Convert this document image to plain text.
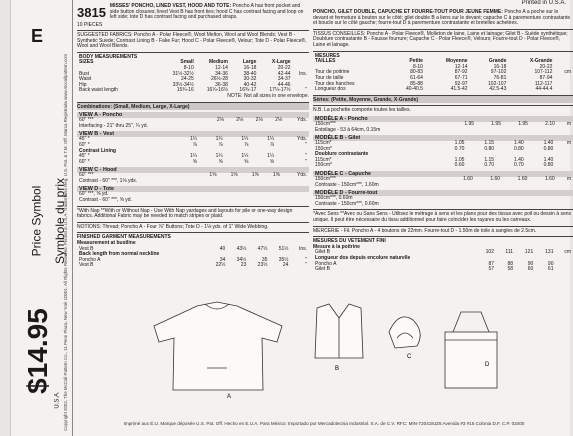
E
Copyright 2002, The McCall Pattern Co., 11 Penn Plaza, New York 10001. All Rights Reserved. Printed in U.S.A. Trademarks Reg. U.S. Pat. & T.M. Off. Marca Registrada www.mccallpattern.com
$14.95
U.S.A.
Price Symbol Symbole du prix
Printed in U.S.A.
3815
10 PIECES
MISSES' PONCHO, LINED VEST, HOOD AND TOTE: Poncho A has front pocket and side button closures; lined Vest B has front ties; hood C has contrast facing and loop on left side; tote D has contrast facing and purchased straps.
SUGGESTED FABRICS: Poncho A - Polar Fleece®, Wool Melton, Wool and Wool Blends; Vest B - Synthetic Suede; Contrast Lining B - Fake Fur; Hood C - Polar Fleece®, Velour; Tote D - Polar Fleece®, Wool and Wool Blends.
BODY MEASUREMENTS					
SIZES	Small	Medium	Large	X-Large	
	8-10	12-14	16-18	20-22	
Bust	31½-32½	34-36	38-40	42-44	Ins.
Waist	24-25	26½-28	30-32	34-37	
Hip	33½-34½	36-38	40-42	44-46	
Back waist length	15¾-16	16¼-16½	16¾-17	17¼-17½	"
NOTE: Not all sizes in one envelope.
Combinations: (Small, Medium, Large, X-Large)
VIEW A - Poncho
60" ***	2⅛	2⅛	2⅛	2⅛	Yds.
Interfacing - 21" thru 25", ¼ yd.					
VIEW B - Vest
45" *	1¼	1¼	1¼	1¼	Yds.
60" *	⅞	⅞	⅞	⅞	"
Contrast Lining					
45" *	1¼	1¼	1¼	1¼	"
60" *	⅝	⅝	⅝	⅝	"
VIEW C - Hood
60" ***	1⅝	1⅝	1⅝	1⅝	Yds.
Contrast - 60" ***, 1⅛ yds.					
VIEW D - Tote
60" ***, ⅝ yd.					
Contrast - 60" ***, ⅝ yd.					
*With Nap **With or Without Nap - Use With Nap yardages and layouts for pile or one-way design fabrics. Additional Fabric may be needed to match stripes or plaid.
NOTIONS: Thread; Poncho A - Four ⅞" Buttons; Tote D - 1⅛ yds. of 1" Wide Webbing.
FINISHED GARMENT MEASUREMENTS
Measurement at bustline
Vest B	40	43½	47½	51½	Ins.
Back length from normal neckline					
Poncho A	34	34½	35	35½	"
Vest B	22½	23	23½	24	"
PONCHO, GILET DOUBLE, CAPUCHE ET FOURRE-TOUT POUR JEUNE FEMME: Poncho A a poche sur le devant et fermeture à bouton sur le côté; gilet double B a liens sur le devant; capuche C à parementure contrastante et boucle sur le côté gauche; fourre-tout D à parementure contrastante et bretelles achetées.
TISSUS CONSEILLÉS: Poncho A - Polar Fleece®, Molleton de laine, Laine et lainage; Gilet B - Suède synthétique; Doublure contrastante B - Fausse fourrure; Capuche C - Polar Fleece®, Velours; Fourre-tout D - Polar Fleece®, Laine et lainage.
MESURES					
TAILLES	Petite	Moyenne	Grande	X-Grande	
	8-10	12-14	16-18	20-22	
Tour de poitrine	80-83	87-92	97-102	107-112	cm
Tour de taille	61-64	67-71	76-81	87-94	
Tour des hanches	85-88	92-97	102-107	112-117	
Longueur dos	40-40.5	41.5-42	42.5-43	44-44.4	
Séries: (Petite, Moyenne, Grande, X-Grande)
N.B. La pochette comporte toutes les tailles.
MODÈLE A - Poncho
150cm***	1.95	1.95	1.95	2.10	m
Entoilage - 53 à 64cm, 0.15m					
MODÈLE B - Gilet
115cm*	1.05	1.15	1.40	1.40	m
150cm*	0.70	0.80	0.80	0.80	
Doublure contrastante					
115cm*	1.05	1.15	1.40	1.40	
150cm*	0.60	0.70	0.70	0.80	
MODÈLE C - Capuche
150cm***	1.60	1.60	1.60	1.60	m
Contraste - 150cm***, 1.60m					
MODÈLE D - Fourre-tout
150cm***, 0.60m					
Contraste - 150cm***, 0.60m					
*Avec Sens **Avec ou Sans Sens - Utilisez le métrage à sens et les plans pour des tissus avec poil ou dessin à sens unique. Il peut être nécessaire du tissu additionnel pour faire coïncider les rayures ou les carreaux.
MERCERIE - Fil. Poncho A - 4 boutons de 22mm. Fourre-tout D - 1.50m de toile à sangles de 2.5cm.
MESURES DU VETEMENT FINI
Mesure à la poitrine
Gilet B	102	111	121	131	cm
Longueur dos depuis encolure naturelle					
Poncho A	87	88	90	90	
Gilet B	57	58	60	61	
A
B
C
D
Imprimé aux É.U. Marque déposée U.S. Pat. Off. Hecho en E.U.A. Para México: Importado por Mercadotecnia Industrial. S.A. de C.V. RFC: MIN-720419JZ6 Avenida #3 #16 Colonia D.F. C.P. 03400
